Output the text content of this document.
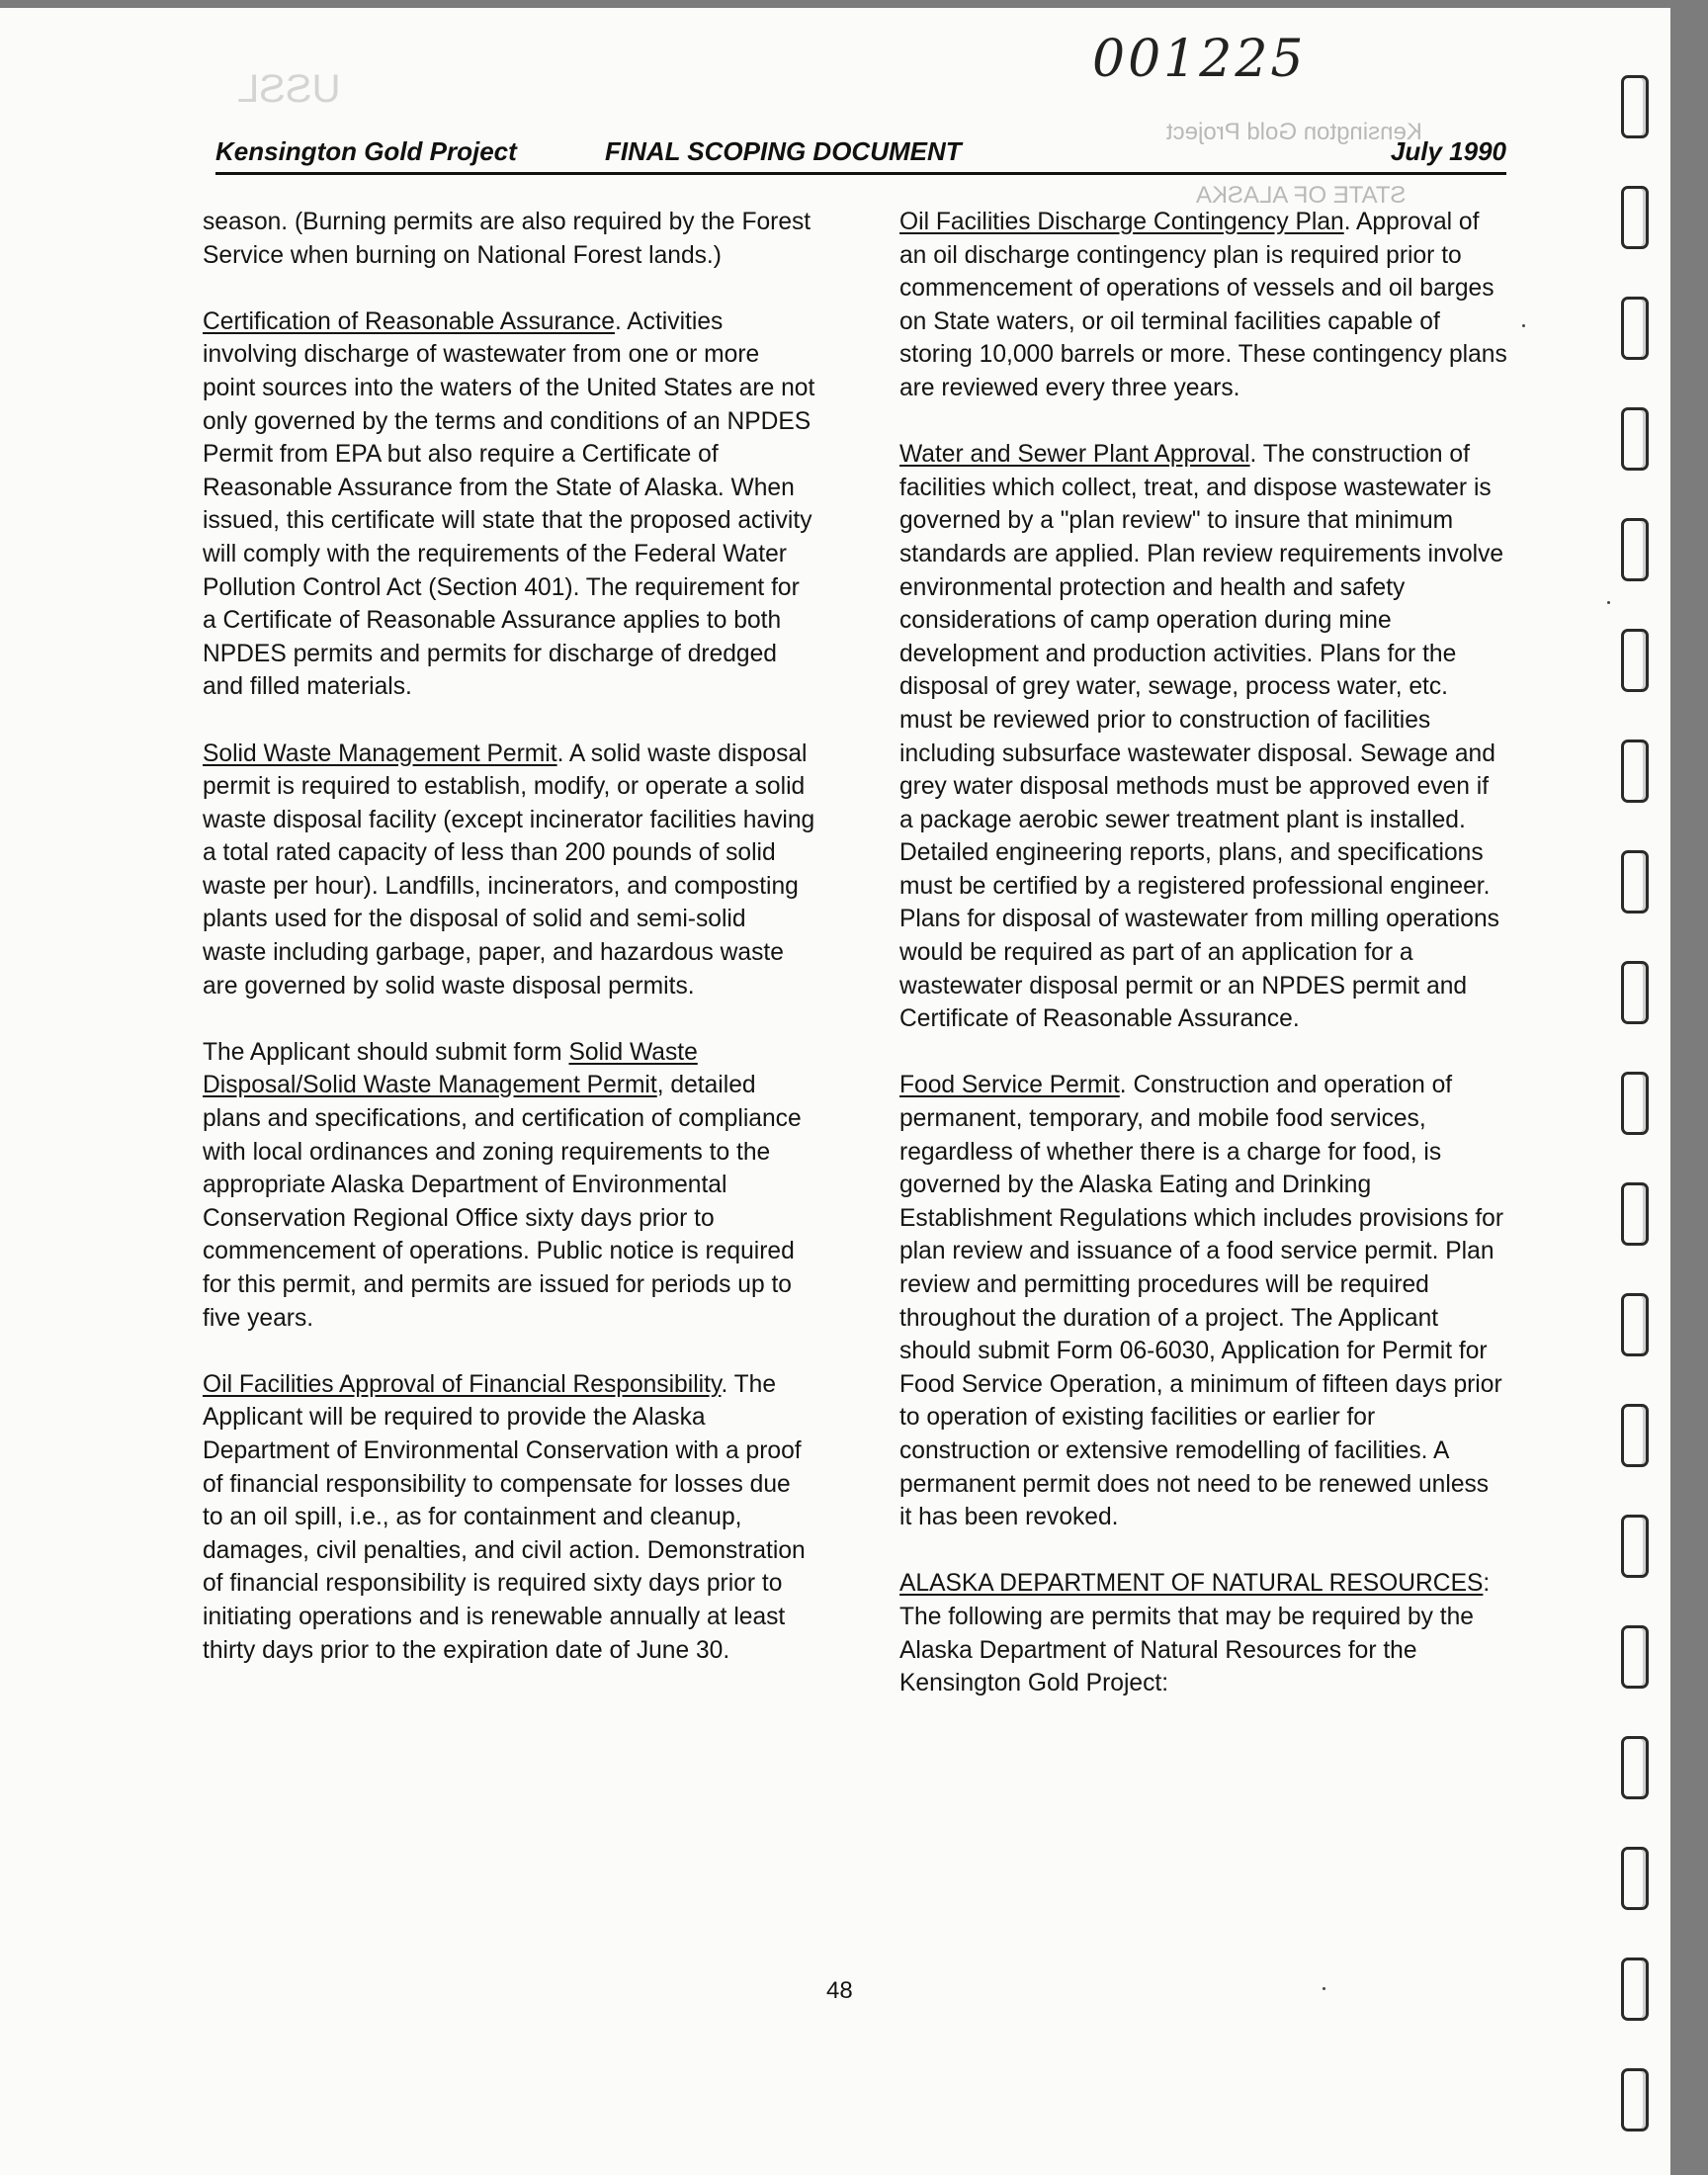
Kensington Gold Project
STATE OF ALASKA
USSL	001225
Kensington Gold Project	FINAL SCOPING DOCUMENT	July 1990

season. (Burning permits are also required by the Forest Service when burning on National Forest lands.)

Certification of Reasonable Assurance. Activities involving discharge of wastewater from one or more point sources into the waters of the United States are not only governed by the terms and conditions of an NPDES Permit from EPA but also require a Certificate of Reasonable Assurance from the State of Alaska. When issued, this certificate will state that the proposed activity will comply with the requirements of the Federal Water Pollution Control Act (Section 401). The requirement for a Certificate of Reasonable Assurance applies to both NPDES permits and permits for discharge of dredged and filled materials.

Solid Waste Management Permit. A solid waste disposal permit is required to establish, modify, or operate a solid waste disposal facility (except incinerator facilities having a total rated capacity of less than 200 pounds of solid waste per hour). Landfills, incinerators, and composting plants used for the disposal of solid and semi-solid waste including garbage, paper, and hazardous waste are governed by solid waste disposal permits.

The Applicant should submit form Solid Waste Disposal/Solid Waste Management Permit, detailed plans and specifications, and certification of compliance with local ordinances and zoning requirements to the appropriate Alaska Department of Environmental Conservation Regional Office sixty days prior to commencement of operations. Public notice is required for this permit, and permits are issued for periods up to five years.

Oil Facilities Approval of Financial Responsibility. The Applicant will be required to provide the Alaska Department of Environmental Conservation with a proof of financial responsibility to compensate for losses due to an oil spill, i.e., as for containment and cleanup, damages, civil penalties, and civil action. Demonstration of financial responsibility is required sixty days prior to initiating operations and is renewable annually at least thirty days prior to the expiration date of June 30.

Oil Facilities Discharge Contingency Plan. Approval of an oil discharge contingency plan is required prior to commencement of operations of vessels and oil barges on State waters, or oil terminal facilities capable of storing 10,000 barrels or more. These contingency plans are reviewed every three years.

Water and Sewer Plant Approval. The construction of facilities which collect, treat, and dispose wastewater is governed by a "plan review" to insure that minimum standards are applied. Plan review requirements involve environmental protection and health and safety considerations of camp operation during mine development and production activities. Plans for the disposal of grey water, sewage, process water, etc. must be reviewed prior to construction of facilities including subsurface wastewater disposal. Sewage and grey water disposal methods must be approved even if a package aerobic sewer treatment plant is installed. Detailed engineering reports, plans, and specifications must be certified by a registered professional engineer. Plans for disposal of wastewater from milling operations would be required as part of an application for a wastewater disposal permit or an NPDES permit and Certificate of Reasonable Assurance.

Food Service Permit. Construction and operation of permanent, temporary, and mobile food services, regardless of whether there is a charge for food, is governed by the Alaska Eating and Drinking Establishment Regulations which includes provisions for plan review and issuance of a food service permit. Plan review and permitting procedures will be required throughout the duration of a project. The Applicant should submit Form 06-6030, Application for Permit for Food Service Operation, a minimum of fifteen days prior to operation of existing facilities or earlier for construction or extensive remodelling of facilities. A permanent permit does not need to be renewed unless it has been revoked.

ALASKA DEPARTMENT OF NATURAL RESOURCES: The following are permits that may be required by the Alaska Department of Natural Resources for the Kensington Gold Project:

48
